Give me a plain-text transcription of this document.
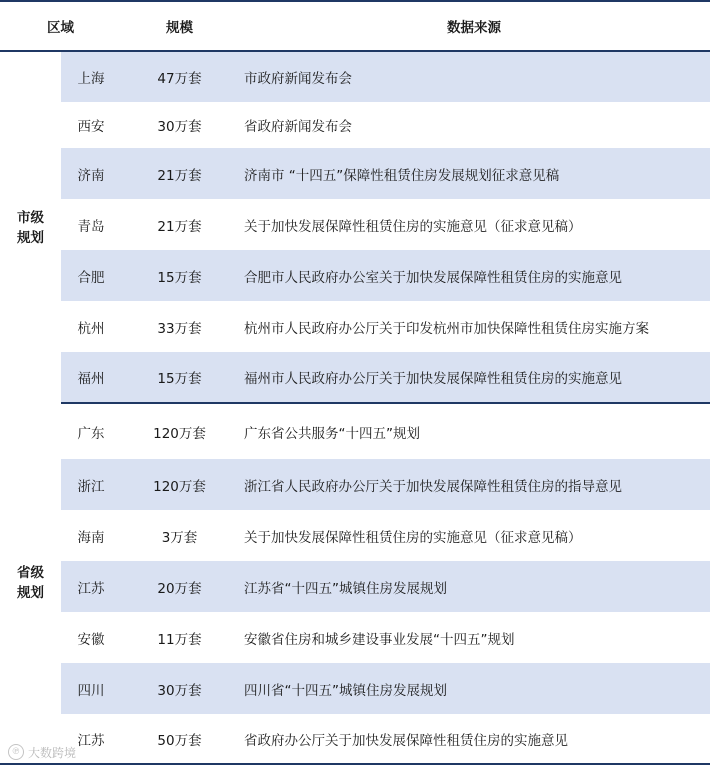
区域		规模	数据来源

市级
规划	上海	47万套	市政府新闻发布会
	西安	30万套	省政府新闻发布会
	济南	21万套	济南市 “十四五”保障性租赁住房发展规划征求意见稿
	青岛	21万套	关于加快发展保障性租赁住房的实施意见（征求意见稿）
	合肥	15万套	合肥市人民政府办公室关于加快发展保障性租赁住房的实施意见
	杭州	33万套	杭州市人民政府办公厅关于印发杭州市加快保障性租赁住房实施方案
	福州	15万套	福州市人民政府办公厅关于加快发展保障性租赁住房的实施意见

省级
规划	广东	120万套	广东省公共服务“十四五”规划
	浙江	120万套	浙江省人民政府办公厅关于加快发展保障性租赁住房的指导意见
	海南	3万套	关于加快发展保障性租赁住房的实施意见（征求意见稿）
	江苏	20万套	江苏省“十四五”城镇住房发展规划
	安徽	11万套	安徽省住房和城乡建设事业发展“十四五”规划
	四川	30万套	四川省“十四五”城镇住房发展规划
	江苏	50万套	省政府办公厅关于加快发展保障性租赁住房的实施意见
℗ 大数跨境
